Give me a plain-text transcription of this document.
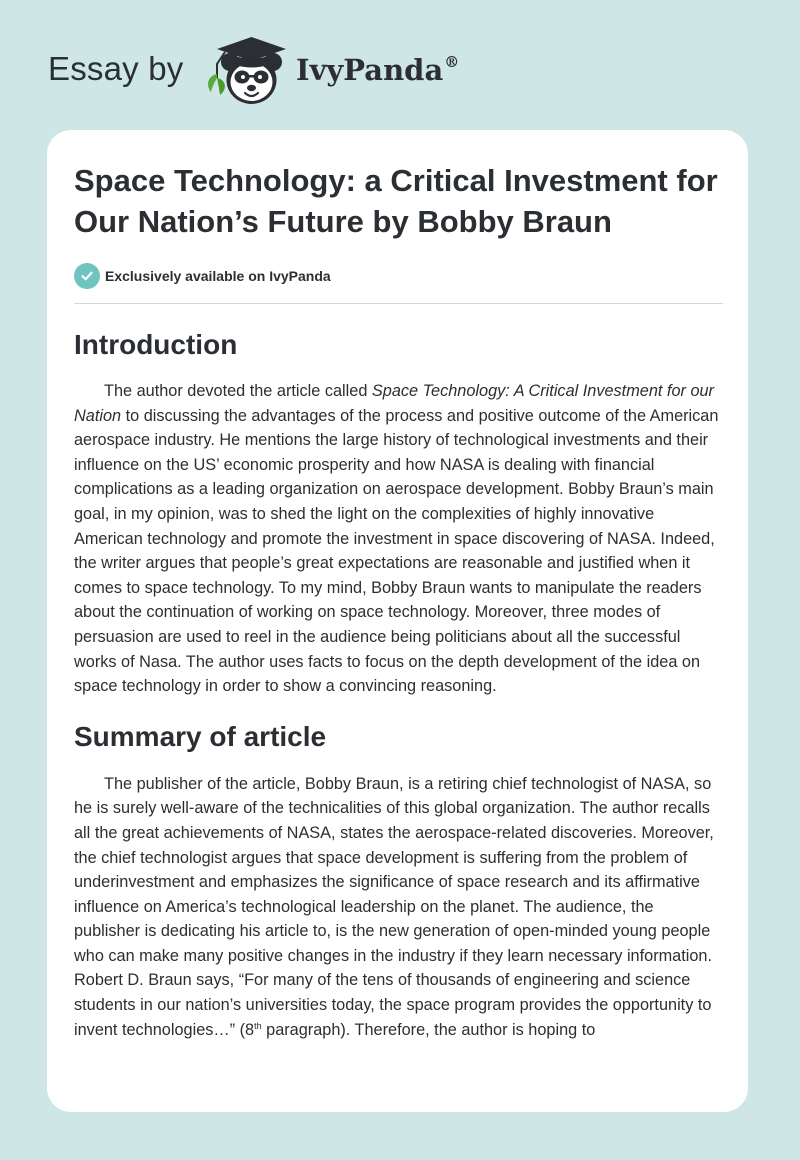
Essay by	IvyPanda®
Space Technology: a Critical Investment for Our Nation’s Future by Bobby Braun
Exclusively available on IvyPanda
Introduction

The author devoted the article called Space Technology: A Critical Investment for our Nation to discussing the advantages of the process and positive outcome of the American aerospace industry. He mentions the large history of technological investments and their influence on the US’ economic prosperity and how NASA is dealing with financial complications as a leading organization on aerospace development. Bobby Braun’s main goal, in my opinion, was to shed the light on the complexities of highly innovative American technology and promote the investment in space discovering of NASA. Indeed, the writer argues that people’s great expectations are reasonable and justified when it comes to space technology. To my mind, Bobby Braun wants to manipulate the readers about the continuation of working on space technology. Moreover, three modes of persuasion are used to reel in the audience being politicians about all the successful works of Nasa. The author uses facts to focus on the depth development of the idea on space technology in order to show a convincing reasoning.

Summary of article

The publisher of the article, Bobby Braun, is a retiring chief technologist of NASA, so he is surely well-aware of the technicalities of this global organization. The author recalls all the great achievements of NASA, states the aerospace-related discoveries. Moreover, the chief technologist argues that space development is suffering from the problem of underinvestment and emphasizes the significance of space research and its affirmative influence on America’s technological leadership on the planet. The audience, the publisher is dedicating his article to, is the new generation of open-minded young people who can make many positive changes in the industry if they learn necessary information. Robert D. Braun says, “For many of the tens of thousands of engineering and science students in our nation’s universities today, the space program provides the opportunity to invent technologies…” (8th paragraph). Therefore, the author is hoping to
